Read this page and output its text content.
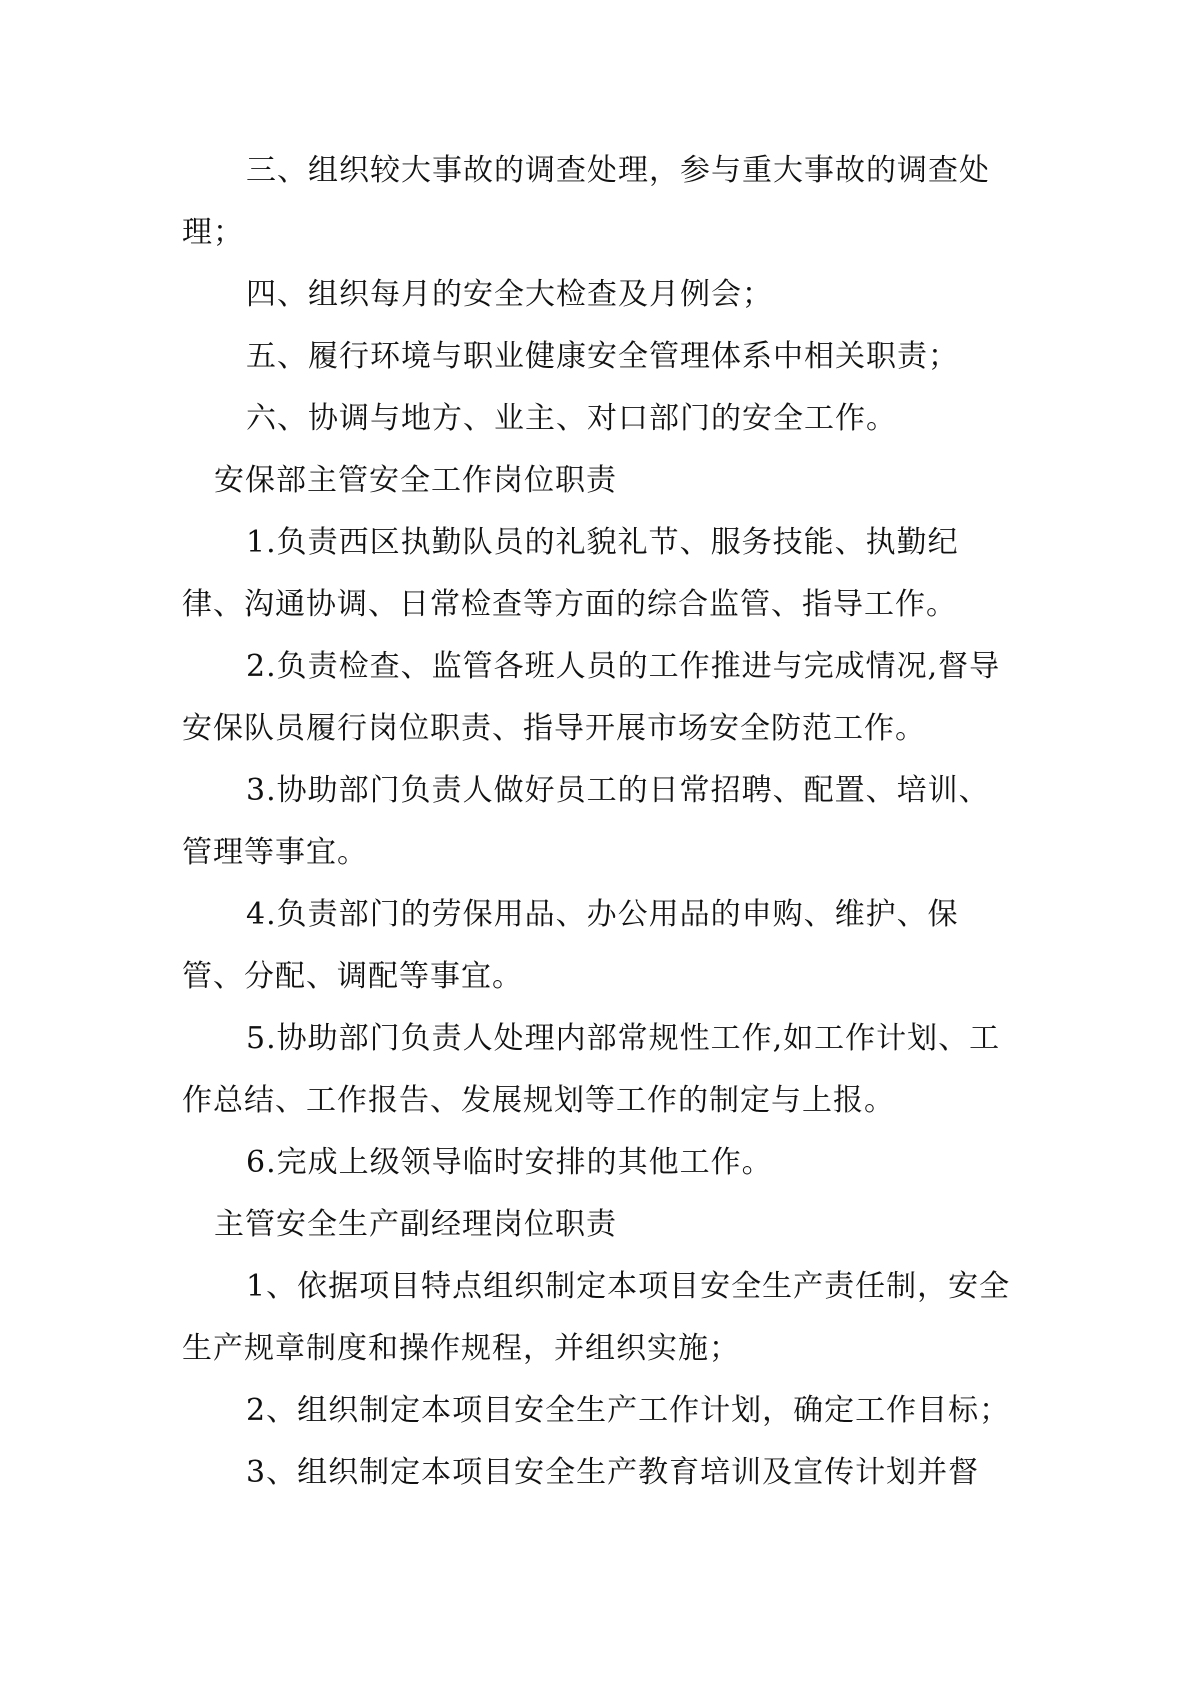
三、组织较大事故的调查处理，参与重大事故的调查处理；

四、组织每月的安全大检查及月例会；

五、履行环境与职业健康安全管理体系中相关职责；

六、协调与地方、业主、对口部门的安全工作。

安保部主管安全工作岗位职责

1.负责西区执勤队员的礼貌礼节、服务技能、执勤纪律、沟通协调、日常检查等方面的综合监管、指导工作。

2.负责检查、监管各班人员的工作推进与完成情况,督导安保队员履行岗位职责、指导开展市场安全防范工作。

3.协助部门负责人做好员工的日常招聘、配置、培训、管理等事宜。

4.负责部门的劳保用品、办公用品的申购、维护、保管、分配、调配等事宜。

5.协助部门负责人处理内部常规性工作,如工作计划、工作总结、工作报告、发展规划等工作的制定与上报。

6.完成上级领导临时安排的其他工作。

主管安全生产副经理岗位职责

1、依据项目特点组织制定本项目安全生产责任制，安全生产规章制度和操作规程，并组织实施；

2、组织制定本项目安全生产工作计划，确定工作目标；

3、组织制定本项目安全生产教育培训及宣传计划并督
